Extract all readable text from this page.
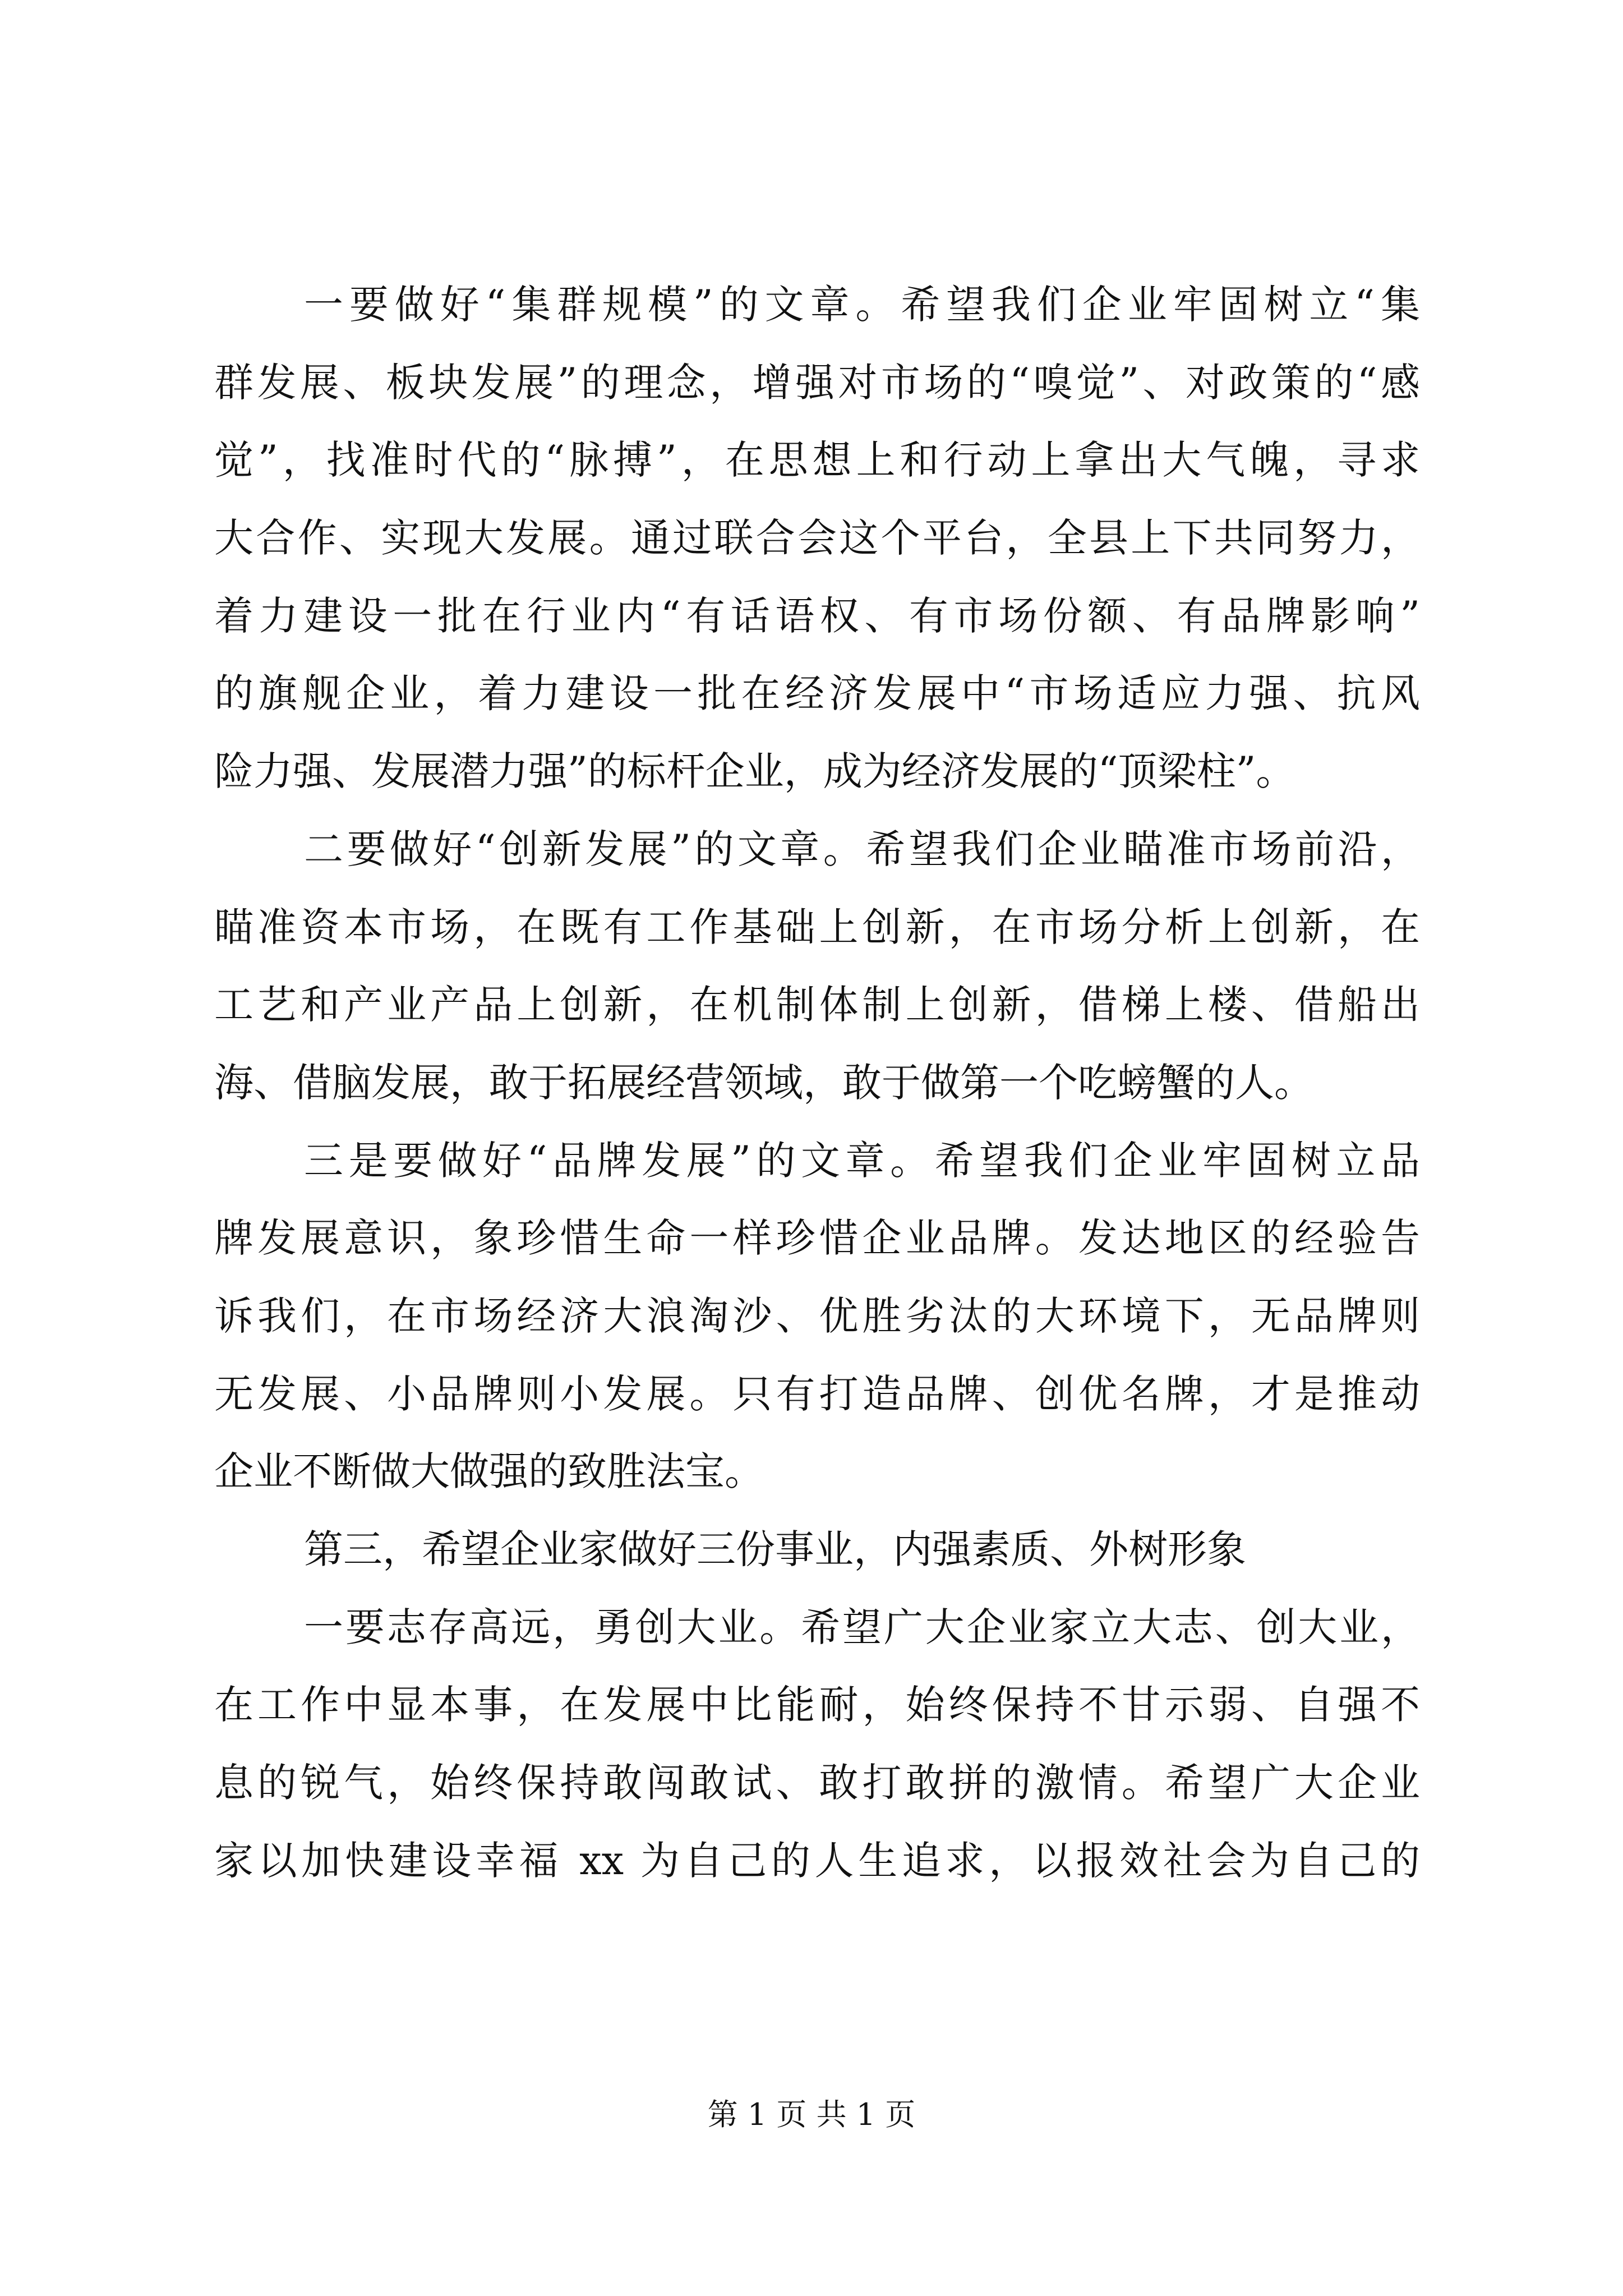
一要做好“集群规模”的文章。希望我们企业牢固树立“集
群发展、板块发展”的理念，增强对市场的“嗅觉”、对政策的“感
觉”，找准时代的“脉搏”，在思想上和行动上拿出大气魄，寻求
大合作、实现大发展。通过联合会这个平台，全县上下共同努力，
着力建设一批在行业内“有话语权、有市场份额、有品牌影响”
的旗舰企业，着力建设一批在经济发展中“市场适应力强、抗风
险力强、发展潜力强”的标杆企业，成为经济发展的“顶梁柱”。
二要做好“创新发展”的文章。希望我们企业瞄准市场前沿，
瞄准资本市场，在既有工作基础上创新，在市场分析上创新，在
工艺和产业产品上创新，在机制体制上创新，借梯上楼、借船出
海、借脑发展，敢于拓展经营领域，敢于做第一个吃螃蟹的人。
三是要做好“品牌发展”的文章。希望我们企业牢固树立品
牌发展意识，象珍惜生命一样珍惜企业品牌。发达地区的经验告
诉我们，在市场经济大浪淘沙、优胜劣汰的大环境下，无品牌则
无发展、小品牌则小发展。只有打造品牌、创优名牌，才是推动
企业不断做大做强的致胜法宝。
第三，希望企业家做好三份事业，内强素质、外树形象
一要志存高远，勇创大业。希望广大企业家立大志、创大业，
在工作中显本事，在发展中比能耐，始终保持不甘示弱、自强不
息的锐气，始终保持敢闯敢试、敢打敢拼的激情。希望广大企业
家以加快建设幸福 xx 为自己的人生追求，以报效社会为自己的
第 1 页 共 1 页
